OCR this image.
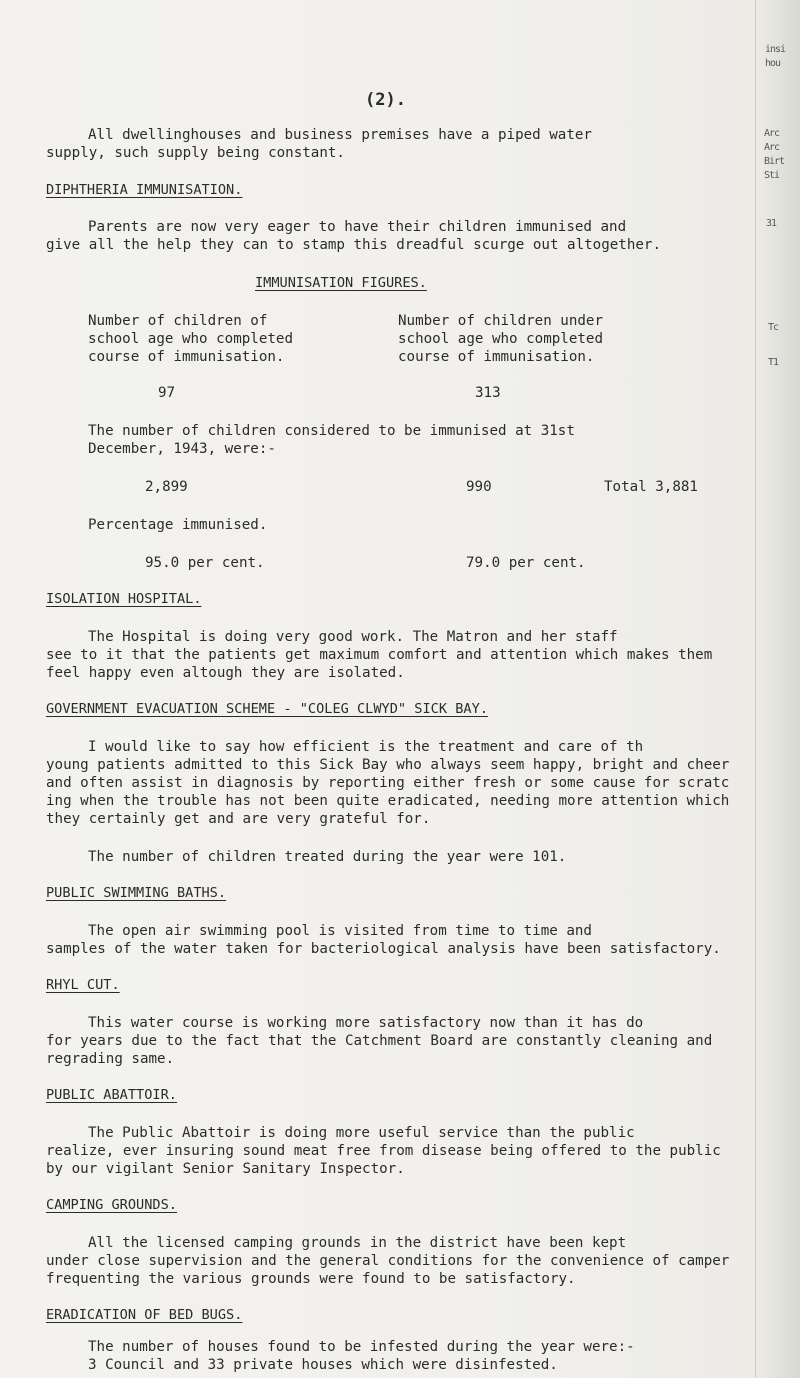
insi
hou
Arc
Arc
Birt
Sti
31
Tc
T1
(2).
All dwellinghouses and business premises have a piped water
supply, such supply being constant.
DIPHTHERIA IMMUNISATION.
Parents are now very eager to have their children immunised and
give all the help they can to stamp this dreadful scurge out altogether.
IMMUNISATION FIGURES.
Number of children of
school age who completed
course of immunisation.
Number of children under
school age who completed
course of immunisation.
97	313
The number of children considered to be immunised at 31st
December, 1943, were:-
2,899	990	Total 3,881
Percentage immunised.
95.0 per cent.	79.0 per cent.
ISOLATION HOSPITAL.
The Hospital is doing very good work. The Matron and her staff
see to it that the patients get maximum comfort and attention which makes them
feel happy even altough they are isolated.
GOVERNMENT EVACUATION SCHEME - "COLEG CLWYD" SICK BAY.
I would like to say how efficient is the treatment and care of th
young patients admitted to this Sick Bay who always seem happy, bright and cheer
and often assist in diagnosis by reporting either fresh or some cause for scratc
ing when the trouble has not been quite eradicated, needing more attention which
they certainly get and are very grateful for.
The number of children treated during the year were 101.
PUBLIC SWIMMING BATHS.
The open air swimming pool is visited from time to time and
samples of the water taken for bacteriological analysis have been satisfactory.
RHYL CUT.
This water course is working more satisfactory now than it has do
for years due to the fact that the Catchment Board are constantly cleaning and
regrading same.
PUBLIC ABATTOIR.
The Public Abattoir is doing more useful service than the public
realize, ever insuring sound meat free from disease being offered to the public
by our vigilant Senior Sanitary Inspector.
CAMPING GROUNDS.
All the licensed camping grounds in the district have been kept
under close supervision and the general conditions for the convenience of camper
frequenting the various grounds were found to be satisfactory.
ERADICATION OF BED BUGS.
The number of houses found to be infested during the year were:-
3 Council and 33 private houses which were disinfested.
